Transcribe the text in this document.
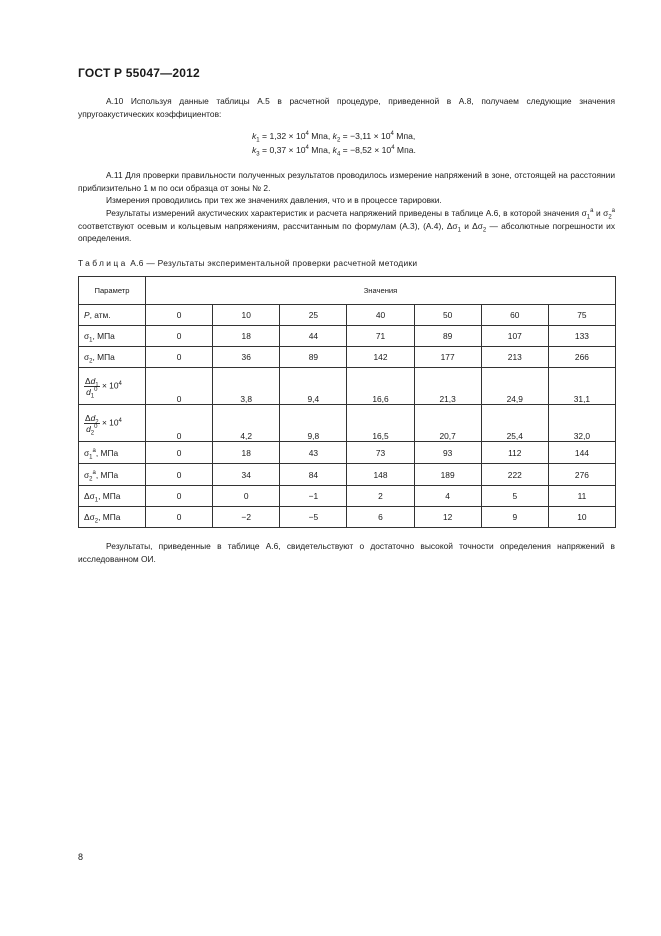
ГОСТ Р 55047—2012
А.10 Используя данные таблицы А.5 в расчетной процедуре, приведенной в А.8, получаем следующие значения упругоакустических коэффициентов:
$k_1 = 1,32 \times 10^4$ Мпа, $k_2 = -3,11 \times 10^4$ Мпа,
$k_3 = 0,37 \times 10^4$ Мпа, $k_4 = -8,52 \times 10^4$ Мпа.
А.11 Для проверки правильности полученных результатов проводилось измерение напряжений в зоне, отстоящей на расстоянии приблизительно 1 м по оси образца от зоны № 2.
Измерения проводились при тех же значениях давления, что и в процессе тарировки.
Результаты измерений акустических характеристик и расчета напряжений приведены в таблице А.6, в которой значения $\sigma_1^a$ и $\sigma_2^a$ соответствуют осевым и кольцевым напряжениям, рассчитанным по формулам (А.3), (А.4), $\Delta\sigma_1$ и $\Delta\sigma_2$ — абсолютные погрешности их определения.
Таблица А.6 — Результаты экспериментальной проверки расчетной методики
Параметр	Значения						
P, атм.	0	10	25	40	50	60	75
$\sigma_1$, МПа	0	18	44	71	89	107	133
$\sigma_2$, МПа	0	36	89	142	177	213	266

$\frac{\Delta d_1}{d_1^0} \times 10^4$	0	3,8	9,4	16,6	21,3	24,9	31,1

$\frac{\Delta d_2}{d_2^0} \times 10^4$	0	4,2	9,8	16,5	20,7	25,4	32,0
$\sigma_1^a$, МПа	0	18	43	73	93	112	144
$\sigma_2^a$, МПа	0	34	84	148	189	222	276
$\Delta\sigma_1$, МПа	0	0	−1	2	4	5	11
$\Delta\sigma_2$, МПа	0	−2	−5	6	12	9	10
Результаты, приведенные в таблице А.6, свидетельствуют о достаточно высокой точности определения напряжений в исследованном ОИ.
8
